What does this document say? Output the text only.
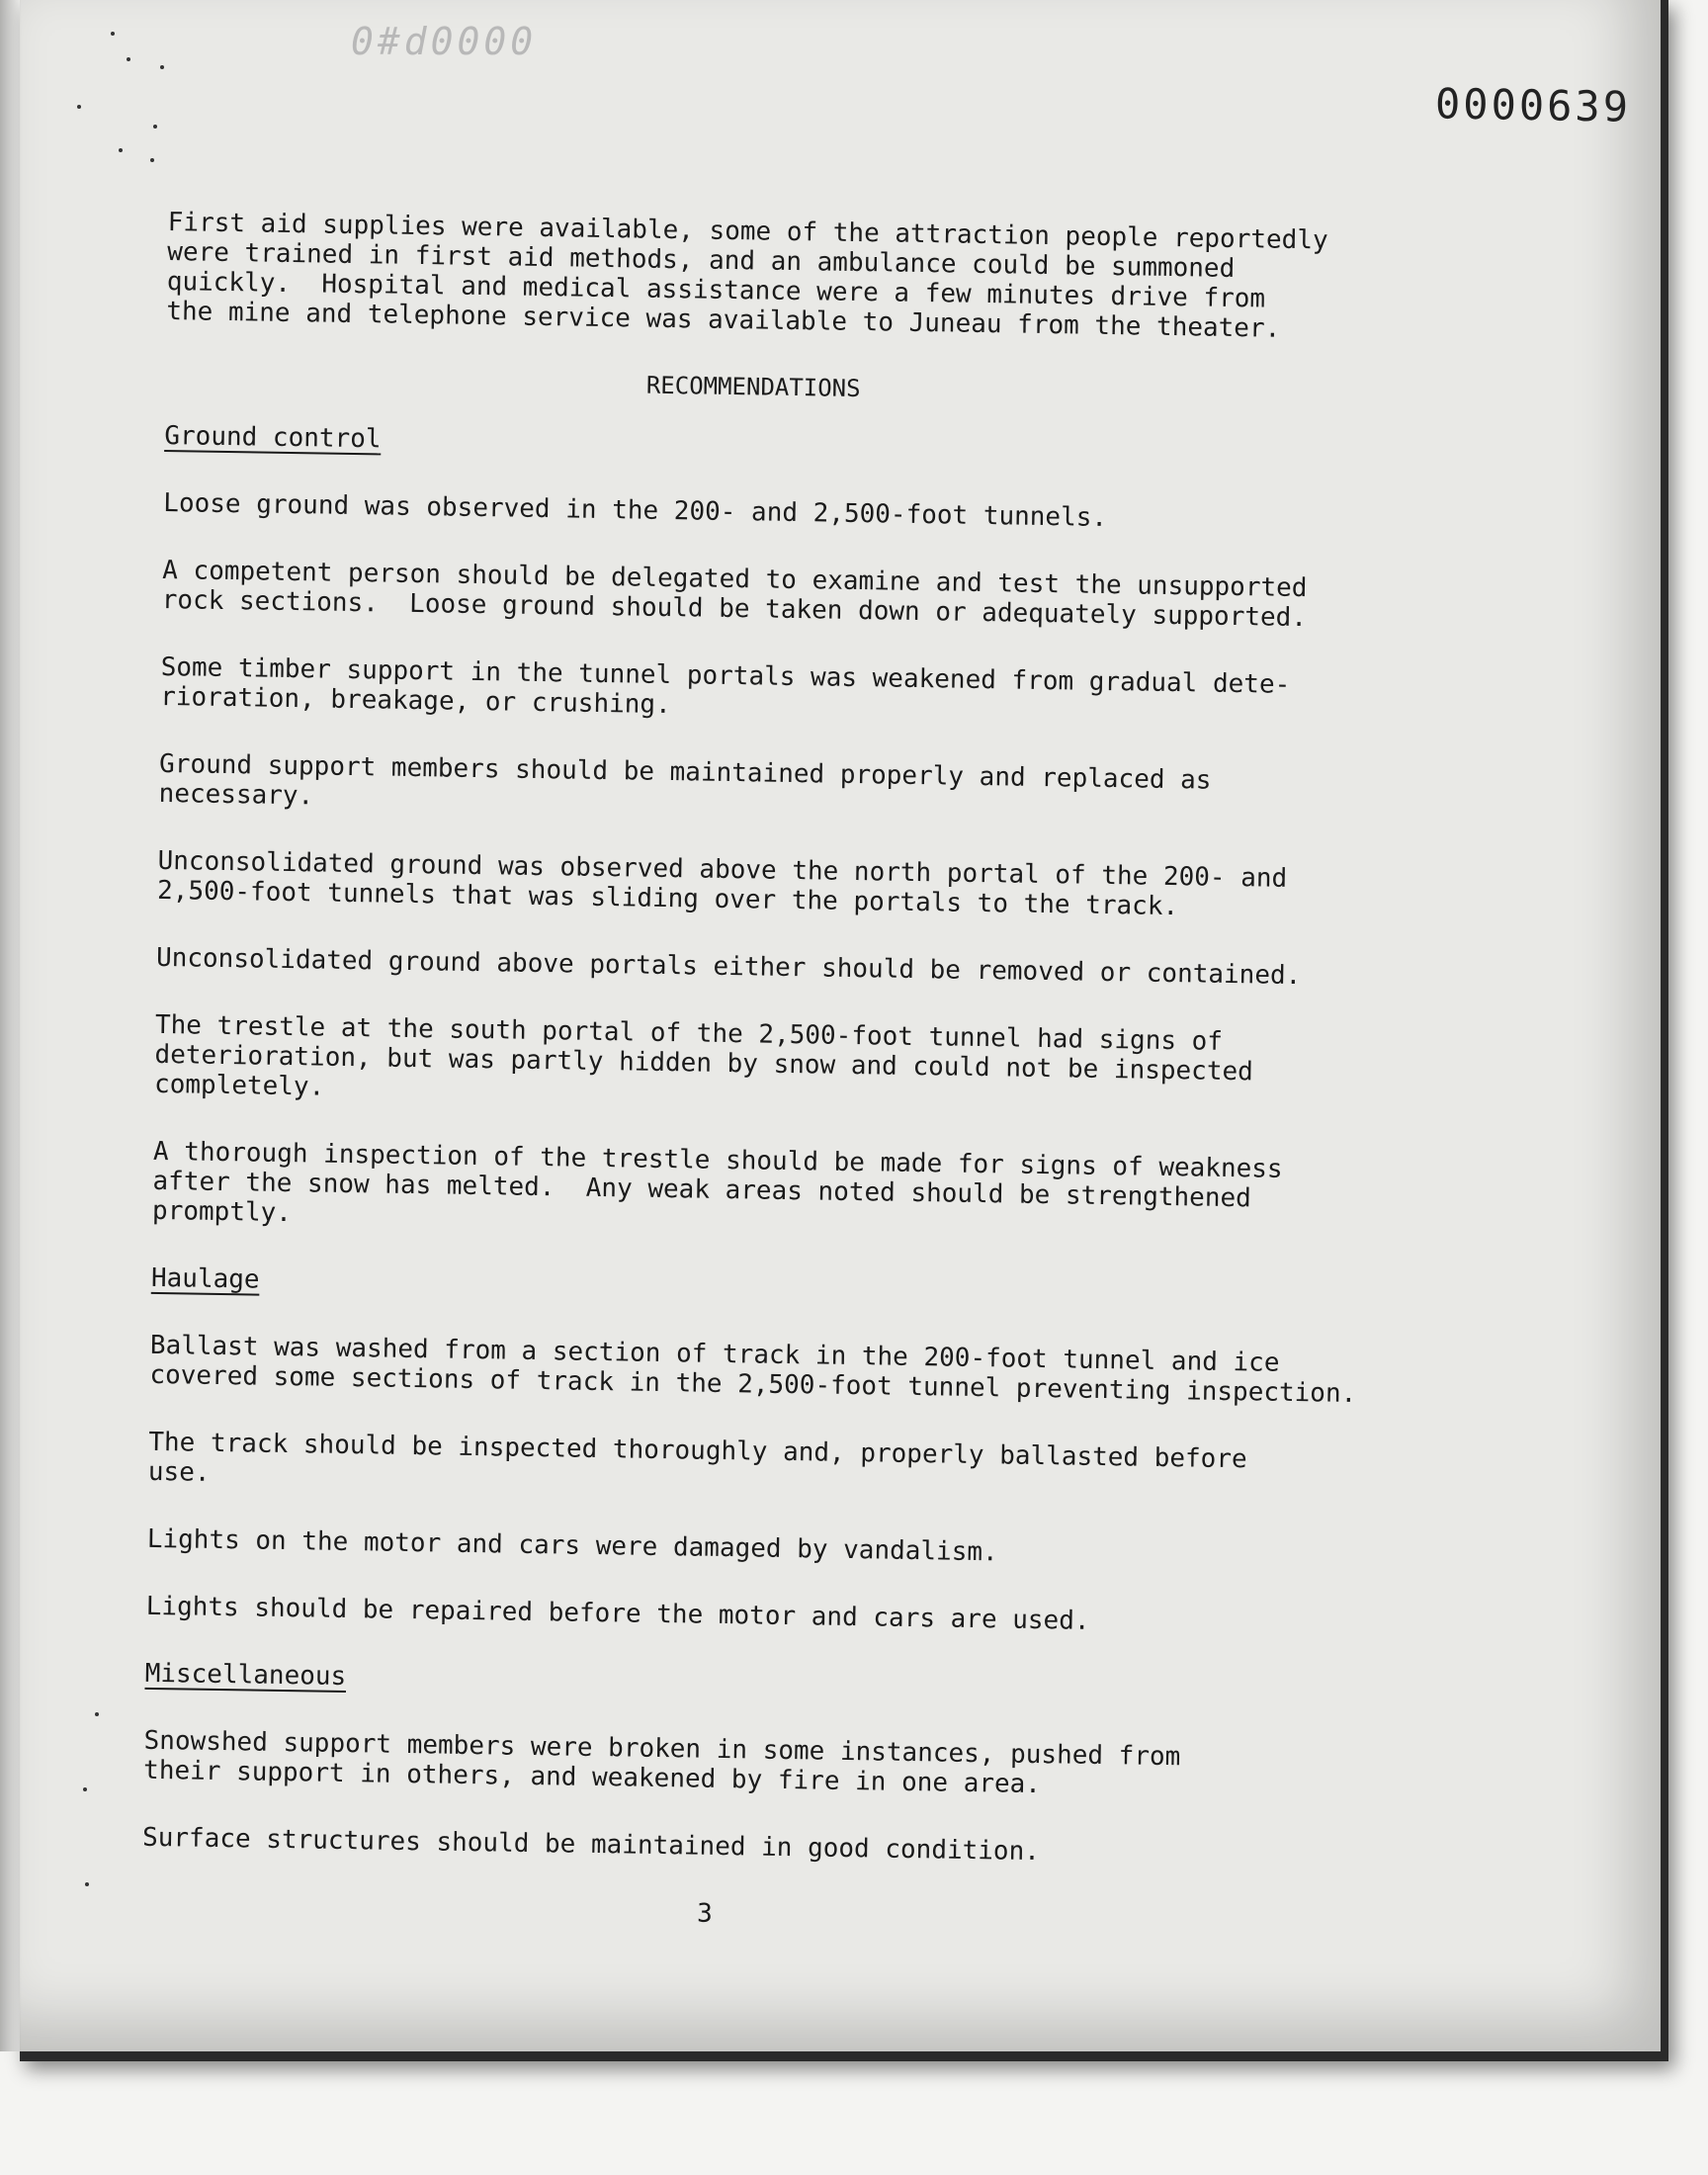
0#d0000
0000639

First aid supplies were available, some of the attraction people reportedly
were trained in first aid methods, and an ambulance could be summoned
quickly.  Hospital and medical assistance were a few minutes drive from
the mine and telephone service was available to Juneau from the theater.

RECOMMENDATIONS
Ground control

Loose ground was observed in the 200- and 2,500-foot tunnels.

A competent person should be delegated to examine and test the unsupported
rock sections.  Loose ground should be taken down or adequately supported.

Some timber support in the tunnel portals was weakened from gradual dete-
rioration, breakage, or crushing.

Ground support members should be maintained properly and replaced as
necessary.

Unconsolidated ground was observed above the north portal of the 200- and
2,500-foot tunnels that was sliding over the portals to the track.

Unconsolidated ground above portals either should be removed or contained.

The trestle at the south portal of the 2,500-foot tunnel had signs of
deterioration, but was partly hidden by snow and could not be inspected
completely.

A thorough inspection of the trestle should be made for signs of weakness
after the snow has melted.  Any weak areas noted should be strengthened
promptly.

Haulage

Ballast was washed from a section of track in the 200-foot tunnel and ice
covered some sections of track in the 2,500-foot tunnel preventing inspection.

The track should be inspected thoroughly and, properly ballasted before
use.

Lights on the motor and cars were damaged by vandalism.

Lights should be repaired before the motor and cars are used.

Miscellaneous

Snowshed support members were broken in some instances, pushed from
their support in others, and weakened by fire in one area.

Surface structures should be maintained in good condition.

3
